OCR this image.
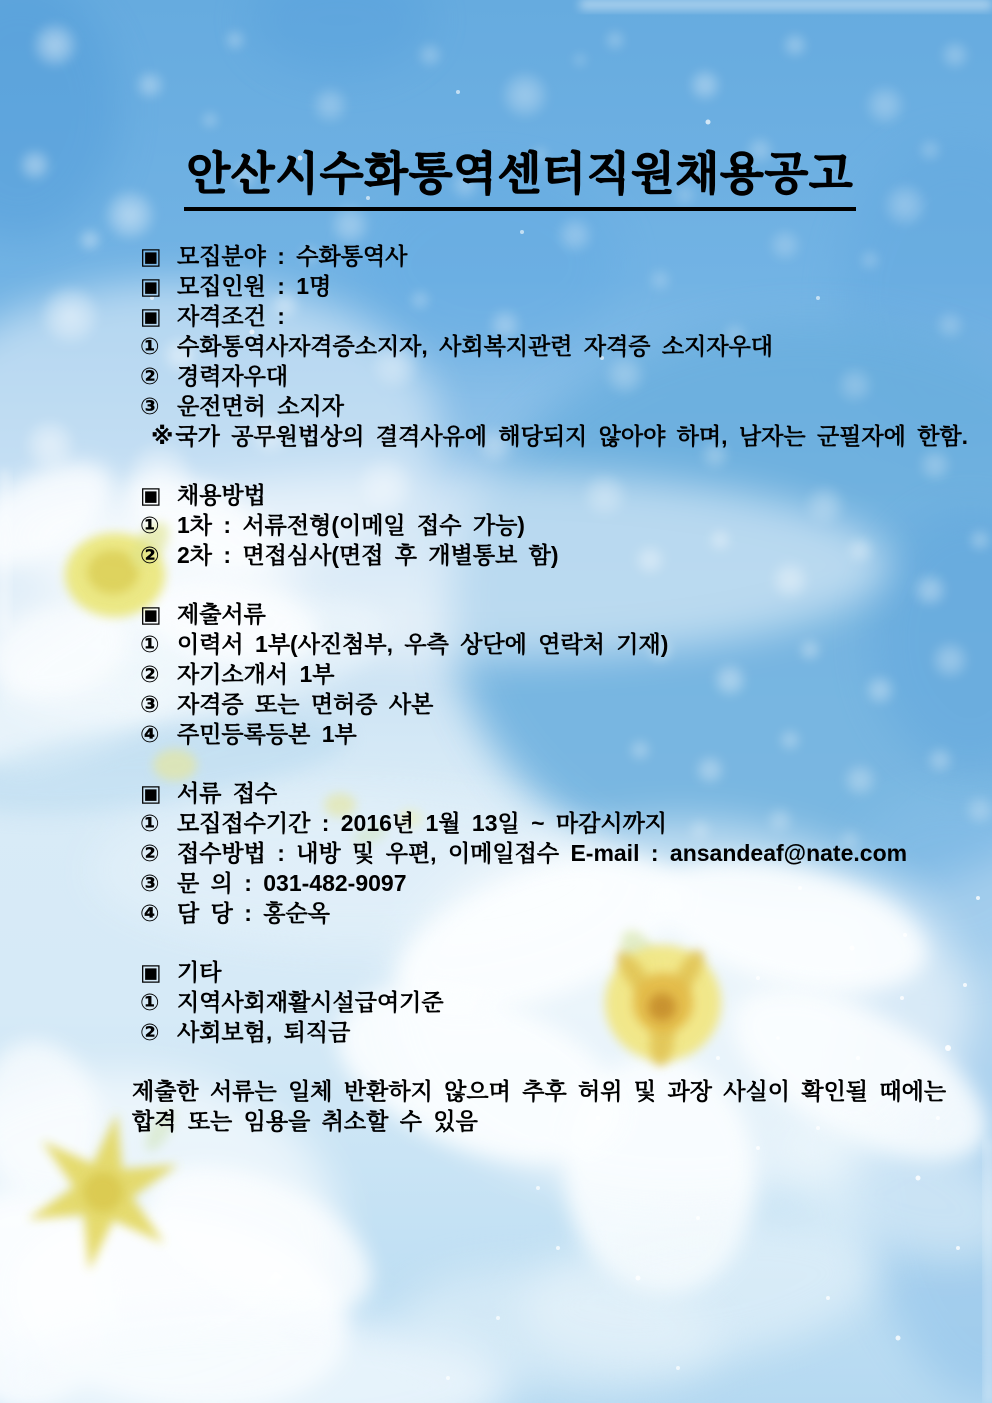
안산시수화통역센터직원채용공고
▣ 모집분야 : 수화통역사
▣ 모집인원 : 1명
▣ 자격조건 :
① 수화통역사자격증소지자, 사회복지관련 자격증 소지자우대
② 경력자우대
③ 운전면허 소지자
※국가 공무원법상의 결격사유에 해당되지 않아야 하며, 남자는 군필자에 한함.
▣ 채용방법
① 1차 : 서류전형(이메일 접수 가능)
② 2차 : 면접심사(면접 후 개별통보 함)
▣ 제출서류
① 이력서 1부(사진첨부, 우측 상단에 연락처 기재)
② 자기소개서 1부
③ 자격증 또는 면허증 사본
④ 주민등록등본 1부
▣ 서류 접수
① 모집접수기간 : 2016년 1월 13일 ~ 마감시까지
② 접수방법 : 내방 및 우편, 이메일접수 E-mail : ansandeaf@nate.com
③ 문 의 : 031-482-9097
④ 담 당 : 홍순옥
▣ 기타
① 지역사회재활시설급여기준
② 사회보험, 퇴직금
제출한 서류는 일체 반환하지 않으며 추후 허위 및 과장 사실이 확인될 때에는
합격 또는 임용을 취소할 수 있음
